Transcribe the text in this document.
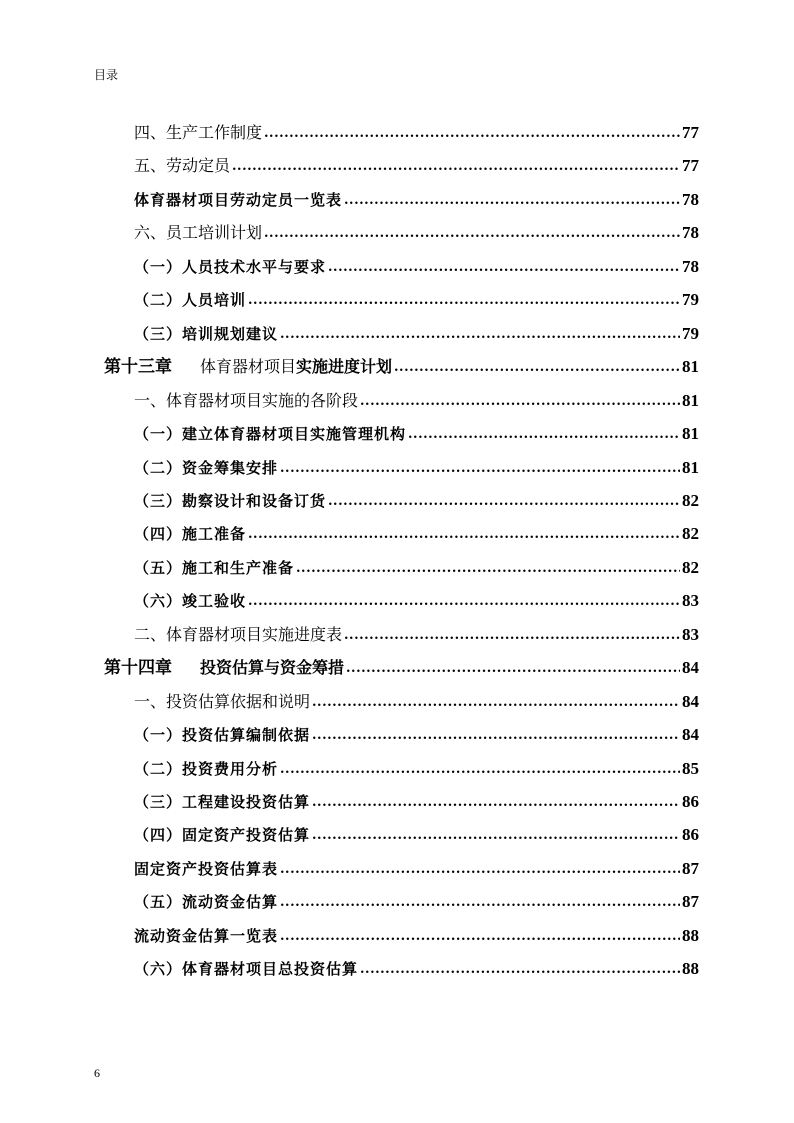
目录
四、生产工作制度 .....	77
五、劳动定员 .....	77
体育器材项目劳动定员一览表 .....	78
六、员工培训计划 .....	78
（一）人员技术水平与要求 .....	78
（二）人员培训 .....	79
（三）培训规划建议 .....	79
第十三章 体育器材项目实施进度计划 .....	81
一、体育器材项目实施的各阶段 .....	81
（一）建立体育器材项目实施管理机构 .....	81
（二）资金筹集安排 .....	81
（三）勘察设计和设备订货 .....	82
（四）施工准备 .....	82
（五）施工和生产准备 .....	82
（六）竣工验收 .....	83
二、体育器材项目实施进度表 .....	83
第十四章 投资估算与资金筹措 .....	84
一、投资估算依据和说明 .....	84
（一）投资估算编制依据 .....	84
（二）投资费用分析 .....	85
（三）工程建设投资估算 .....	86
（四）固定资产投资估算 .....	86
固定资产投资估算表 .....	87
（五）流动资金估算 .....	87
流动资金估算一览表 .....	88
（六）体育器材项目总投资估算 .....	88
6
